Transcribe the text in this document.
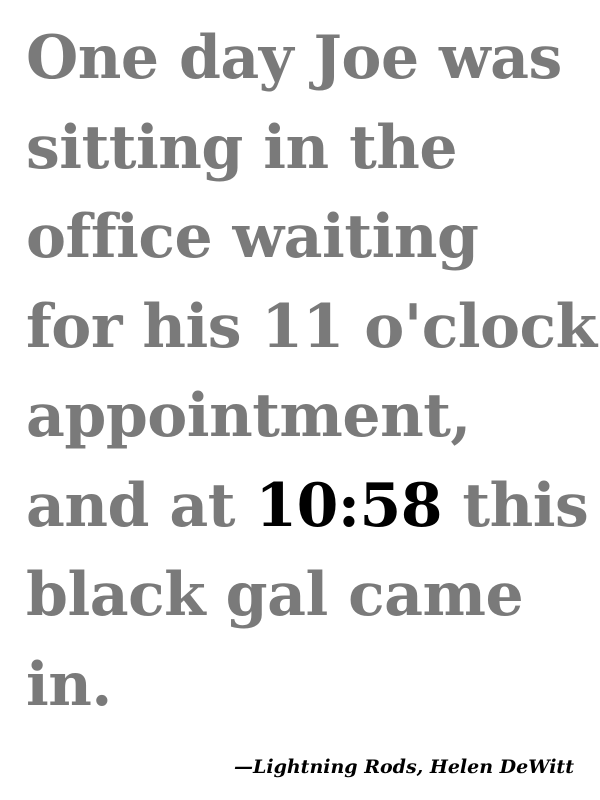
One day Joe was
sitting in the
office waiting
for his 11 o'clock
appointment,
and at 10:58 this
black gal came
in.

—Lightning Rods, Helen DeWitt
